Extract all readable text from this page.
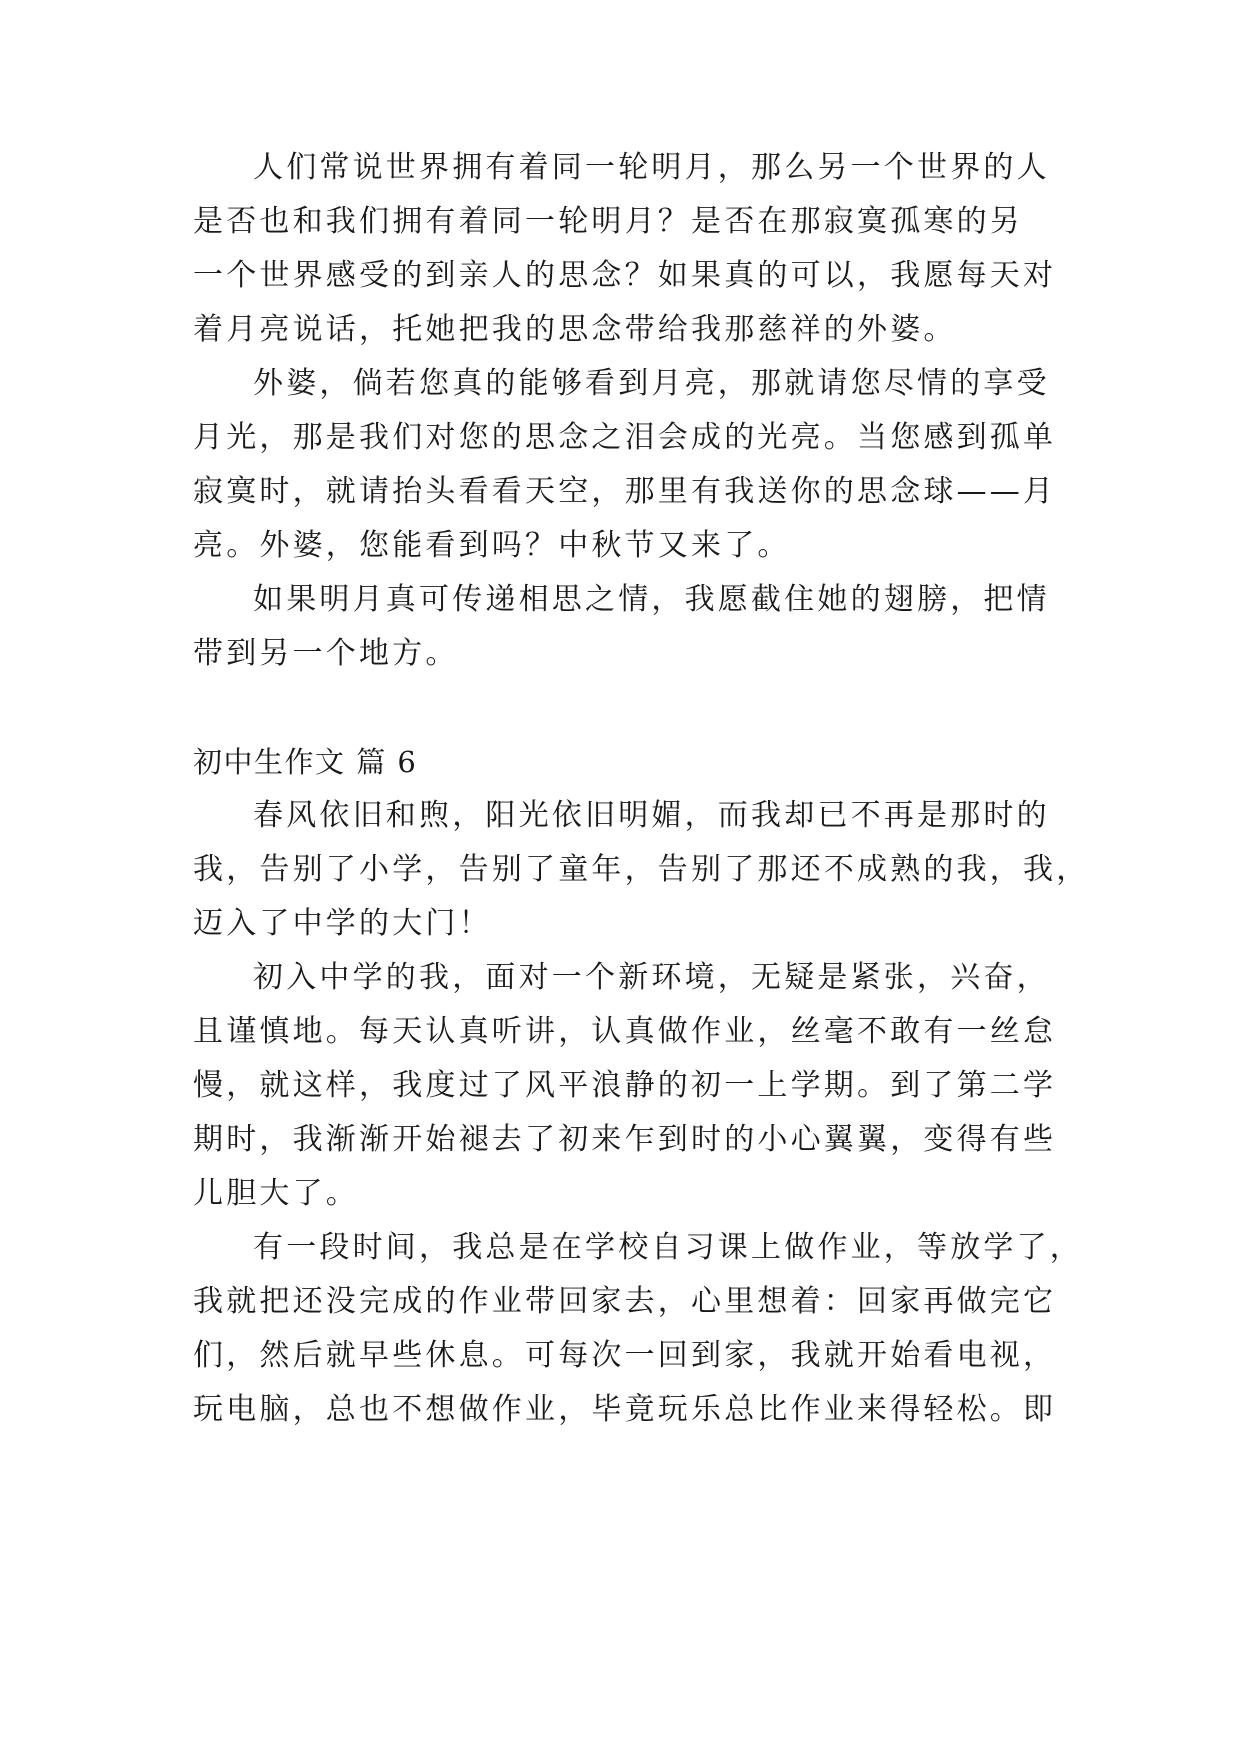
人们常说世界拥有着同一轮明月，那么另一个世界的人
是否也和我们拥有着同一轮明月？是否在那寂寞孤寒的另
一个世界感受的到亲人的思念？如果真的可以，我愿每天对
着月亮说话，托她把我的思念带给我那慈祥的外婆。
外婆，倘若您真的能够看到月亮，那就请您尽情的享受
月光，那是我们对您的思念之泪会成的光亮。当您感到孤单
寂寞时，就请抬头看看天空，那里有我送你的思念球——月
亮。外婆，您能看到吗？中秋节又来了。
如果明月真可传递相思之情，我愿截住她的翅膀，把情
带到另一个地方。
初中生作文 篇 6
春风依旧和煦，阳光依旧明媚，而我却已不再是那时的
我，告别了小学，告别了童年，告别了那还不成熟的我，我，
迈入了中学的大门！
初入中学的我，面对一个新环境，无疑是紧张，兴奋，
且谨慎地。每天认真听讲，认真做作业，丝毫不敢有一丝怠
慢，就这样，我度过了风平浪静的初一上学期。到了第二学
期时，我渐渐开始褪去了初来乍到时的小心翼翼，变得有些
儿胆大了。
有一段时间，我总是在学校自习课上做作业，等放学了，
我就把还没完成的作业带回家去，心里想着：回家再做完它
们，然后就早些休息。可每次一回到家，我就开始看电视，
玩电脑，总也不想做作业，毕竟玩乐总比作业来得轻松。即
